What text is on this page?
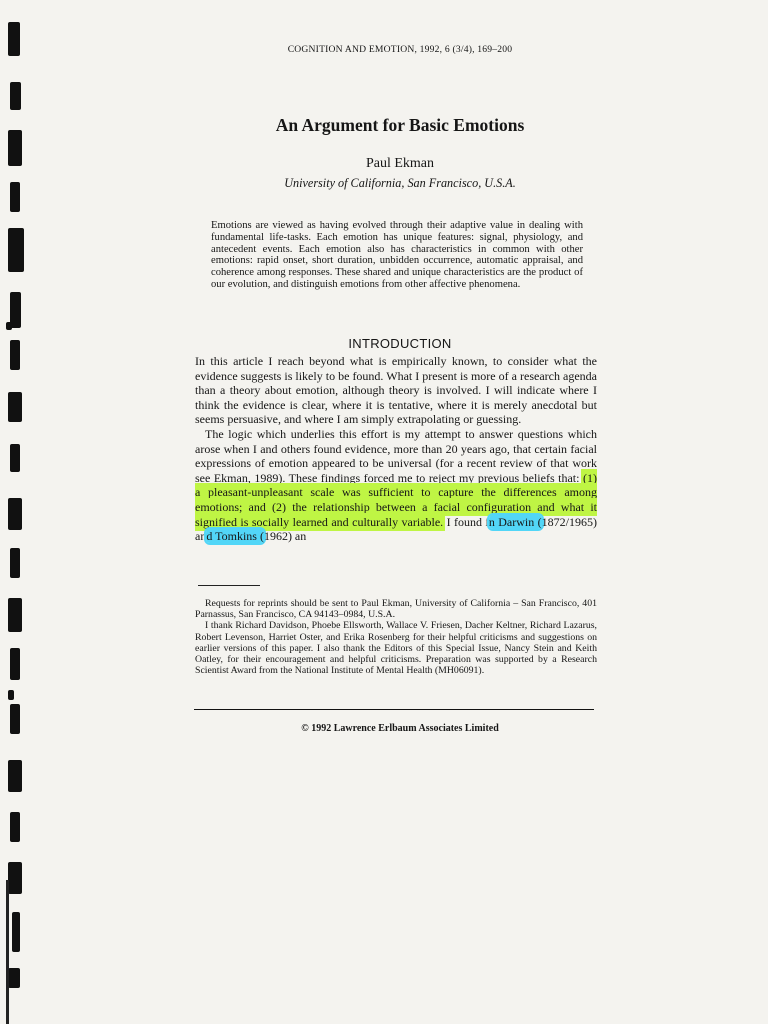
COGNITION AND EMOTION, 1992, 6 (3/4), 169–200
An Argument for Basic Emotions
Paul Ekman
University of California, San Francisco, U.S.A.
Emotions are viewed as having evolved through their adaptive value in dealing with fundamental life-tasks. Each emotion has unique features: signal, physiology, and antecedent events. Each emotion also has characteristics in common with other emotions: rapid onset, short duration, unbidden occurrence, automatic appraisal, and coherence among responses. These shared and unique characteristics are the product of our evolution, and distinguish emotions from other affective phenomena.
INTRODUCTION

In this article I reach beyond what is empirically known, to consider what the evidence suggests is likely to be found. What I present is more of a research agenda than a theory about emotion, although theory is involved. I will indicate where I think the evidence is clear, where it is tentative, where it is merely anecdotal but seems persuasive, and where I am simply extrapolating or guessing.

The logic which underlies this effort is my attempt to answer questions which arose when I and others found evidence, more than 20 years ago, that certain facial expressions of emotion appeared to be universal (for a recent review of that work see Ekman, 1989). These findings forced me to reject my previous beliefs that: (1) a pleasant-unpleasant scale was sufficient to capture the differences among emotions; and (2) the relationship between a facial configuration and what it signified is socially learned and culturally variable. I found in Darwin (1872/1965) and Tomkins (1962) an

Requests for reprints should be sent to Paul Ekman, University of California – San Francisco, 401 Parnassus, San Francisco, CA 94143–0984, U.S.A.

I thank Richard Davidson, Phoebe Ellsworth, Wallace V. Friesen, Dacher Keltner, Richard Lazarus, Robert Levenson, Harriet Oster, and Erika Rosenberg for their helpful criticisms and suggestions on earlier versions of this paper. I also thank the Editors of this Special Issue, Nancy Stein and Keith Oatley, for their encouragement and helpful criticisms. Preparation was supported by a Research Scientist Award from the National Institute of Mental Health (MH06091).

© 1992 Lawrence Erlbaum Associates Limited
